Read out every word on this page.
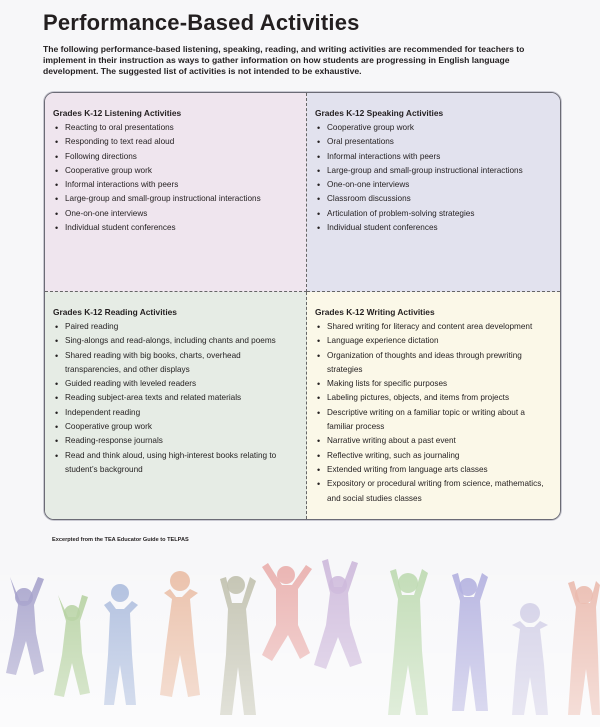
Performance-Based Activities

The following performance-based listening, speaking, reading, and writing activities are recommended for teachers to implement in their instruction as ways to gather information on how students are progressing in English language development. The suggested list of activities is not intended to be exhaustive.

Grades K-12 Listening Activities
• Reacting to oral presentations
• Responding to text read aloud
• Following directions
• Cooperative group work
• Informal interactions with peers
• Large-group and small-group instructional interactions
• One-on-one interviews
• Individual student conferences
Grades K-12 Speaking Activities
• Cooperative group work
• Oral presentations
• Informal interactions with peers
• Large-group and small-group instructional interactions
• One-on-one interviews
• Classroom discussions
• Articulation of problem-solving strategies
• Individual student conferences
Grades K-12 Reading Activities
• Paired reading
• Sing-alongs and read-alongs, including chants and poems
• Shared reading with big books, charts, overhead transparencies, and other displays
• Guided reading with leveled readers
• Reading subject-area texts and related materials
• Independent reading
• Cooperative group work
• Reading-response journals
• Read and think aloud, using high-interest books relating to student’s background
Grades K-12 Writing Activities
• Shared writing for literacy and content area development
• Language experience dictation
• Organization of thoughts and ideas through prewriting strategies
• Making lists for specific purposes
• Labeling pictures, objects, and items from projects
• Descriptive writing on a familiar topic or writing about a familiar process
• Narrative writing about a past event
• Reflective writing, such as journaling
• Extended writing from language arts classes
• Expository or procedural writing from science, mathematics, and social studies classes
Excerpted from the TEA Educator Guide to TELPAS
